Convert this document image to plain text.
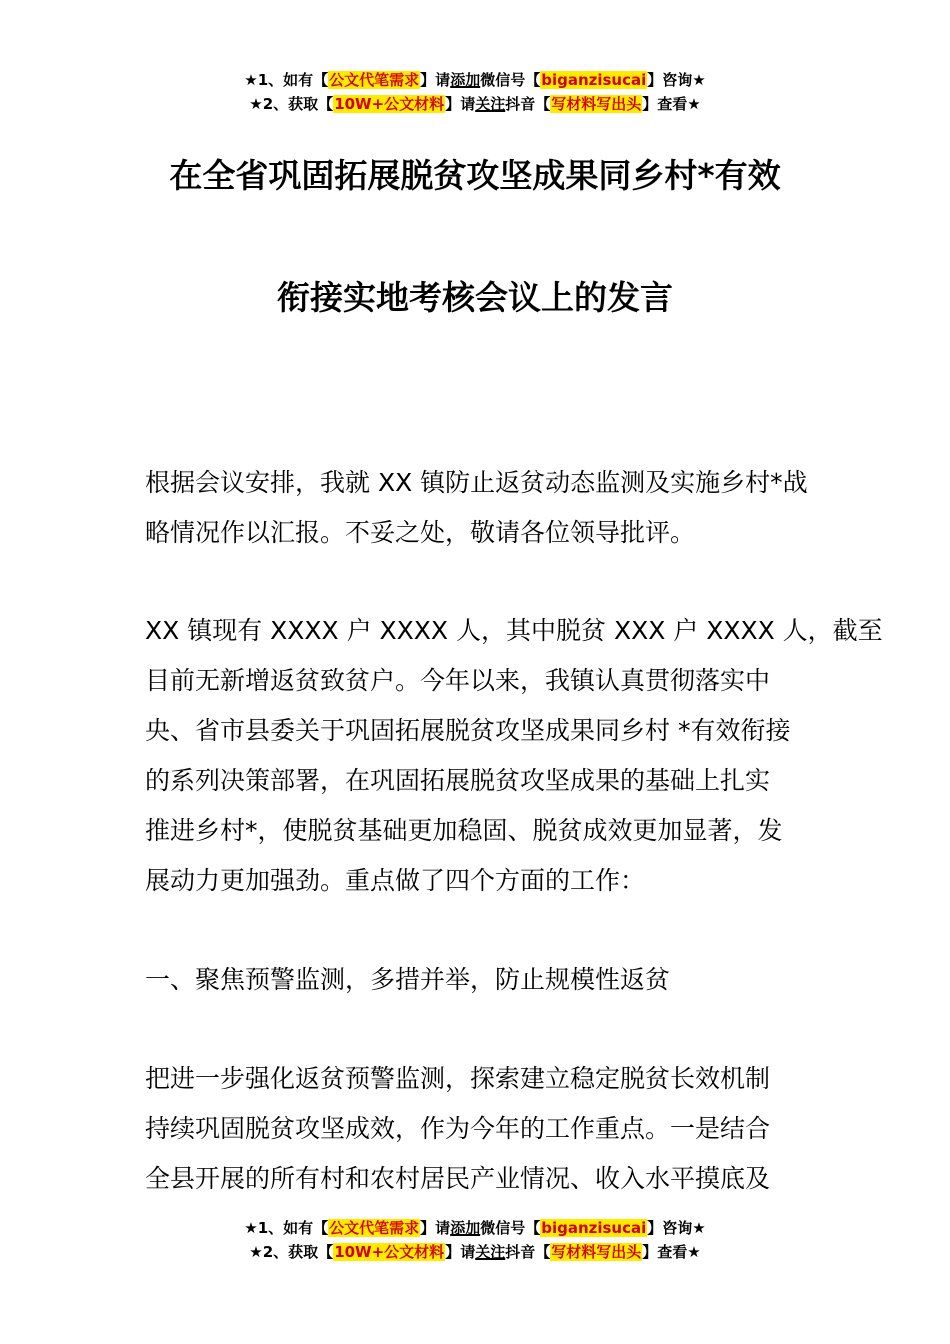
★1、如有【公文代笔需求】请添加微信号【biganzisucai】咨询★
★2、获取【10W+公文材料】请关注抖音【写材料写出头】查看★
在全省巩固拓展脱贫攻坚成果同乡村*有效
衔接实地考核会议上的发言
根据会议安排，我就 XX 镇防止返贫动态监测及实施乡村*战
略情况作以汇报。不妥之处，敬请各位领导批评。
XX 镇现有 XXXX 户 XXXX 人，其中脱贫 XXX 户 XXXX 人，截至
目前无新增返贫致贫户。今年以来，我镇认真贯彻落实中
央、省市县委关于巩固拓展脱贫攻坚成果同乡村 *有效衔接
的系列决策部署，在巩固拓展脱贫攻坚成果的基础上扎实
推进乡村*，使脱贫基础更加稳固、脱贫成效更加显著，发
展动力更加强劲。重点做了四个方面的工作：
一、聚焦预警监测，多措并举，防止规模性返贫
把进一步强化返贫预警监测，探索建立稳定脱贫长效机制
持续巩固脱贫攻坚成效，作为今年的工作重点。一是结合
全县开展的所有村和农村居民产业情况、收入水平摸底及
★1、如有【公文代笔需求】请添加微信号【biganzisucai】咨询★
★2、获取【10W+公文材料】请关注抖音【写材料写出头】查看★
